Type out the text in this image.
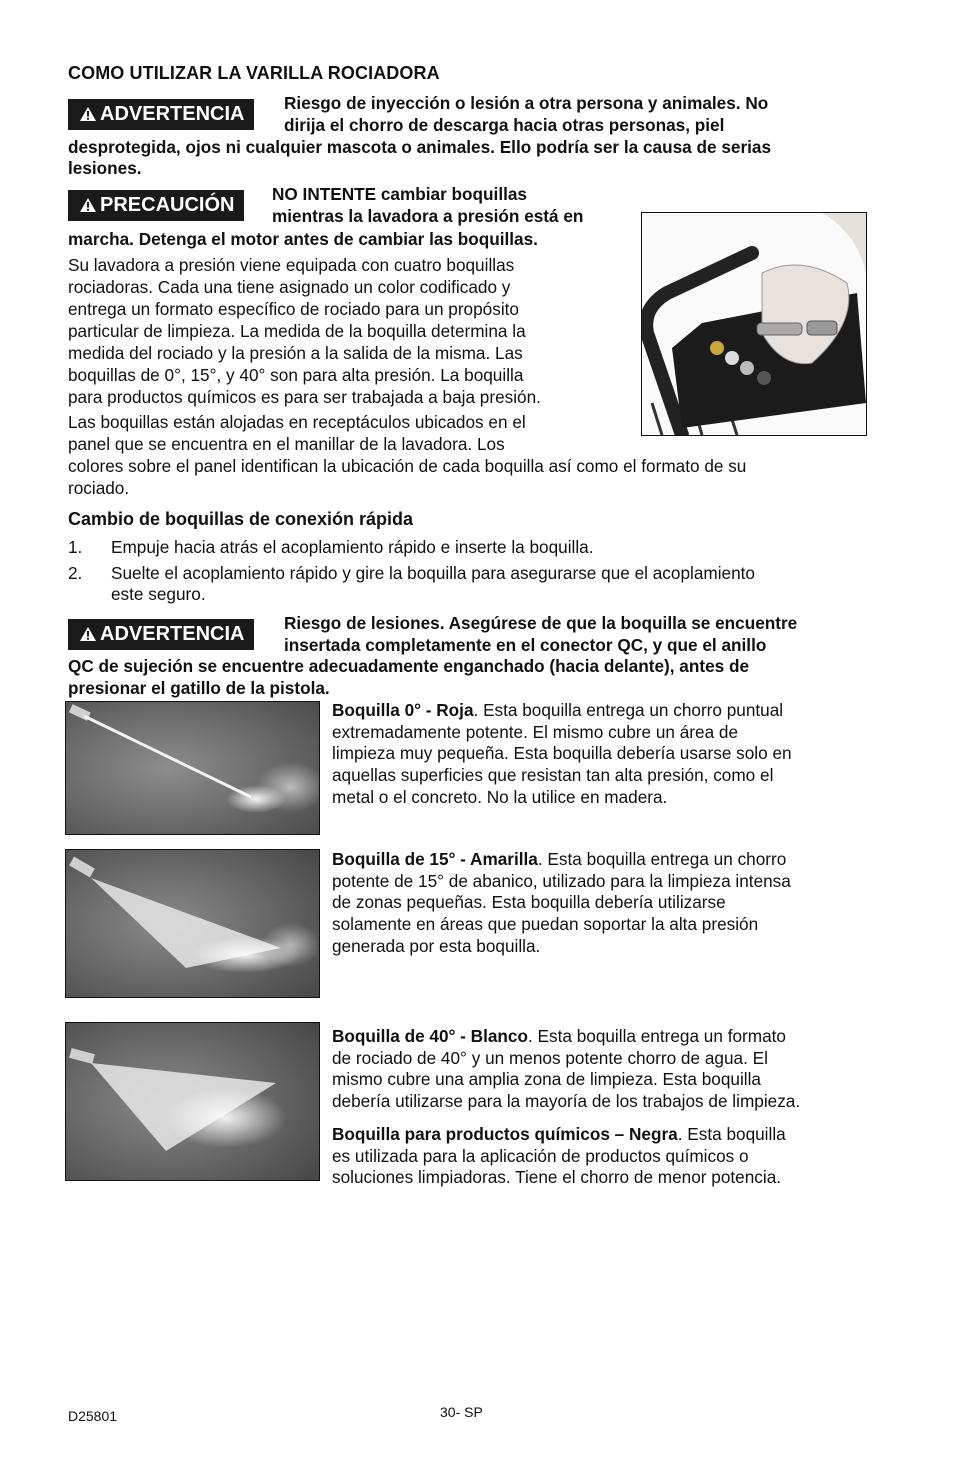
COMO UTILIZAR LA VARILLA ROCIADORA
ADVERTENCIA	Riesgo de inyección o lesión a otra persona y animales. No
dirija el chorro de descarga hacia otras personas, piel
desprotegida, ojos ni cualquier mascota o animales. Ello podría ser la causa de serias
lesiones.
PRECAUCIÓN	NO INTENTE cambiar boquillas
mientras la lavadora a presión está en
marcha. Detenga el motor antes de cambiar las boquillas.
Su lavadora a presión viene equipada con cuatro boquillas
rociadoras. Cada una tiene asignado un color codificado y
entrega un formato específico de rociado para un propósito
particular de limpieza. La medida de la boquilla determina la
medida del rociado y la presión a la salida de la misma. Las
boquillas de 0°, 15°, y 40° son para alta presión. La boquilla
para productos químicos es para ser trabajada a baja presión.
Las boquillas están alojadas en receptáculos ubicados en el
panel que se encuentra en el manillar de la lavadora. Los
colores sobre el panel identifican la ubicación de cada boquilla así como el formato de su
rociado.
Cambio de boquillas de conexión rápida
1. Empuje hacia atrás el acoplamiento rápido e inserte la boquilla.
2. Suelte el acoplamiento rápido y gire la boquilla para asegurarse que el acoplamiento
este seguro.
ADVERTENCIA	Riesgo de lesiones. Asegúrese de que la boquilla se encuentre
insertada completamente en el conector QC, y que el anillo
QC de sujeción se encuentre adecuadamente enganchado (hacia delante), antes de
presionar el gatillo de la pistola.
Boquilla 0° - Roja. Esta boquilla entrega un chorro puntual
extremadamente potente. El mismo cubre un área de
limpieza muy pequeña. Esta boquilla debería usarse solo en
aquellas superficies que resistan tan alta presión, como el
metal o el concreto. No la utilice en madera.
Boquilla de 15° - Amarilla. Esta boquilla entrega un chorro
potente de 15° de abanico, utilizado para la limpieza intensa
de zonas pequeñas. Esta boquilla debería utilizarse
solamente en áreas que puedan soportar la alta presión
generada por esta boquilla.
Boquilla de 40° - Blanco. Esta boquilla entrega un formato
de rociado de 40° y un menos potente chorro de agua. El
mismo cubre una amplia zona de limpieza. Esta boquilla
debería utilizarse para la mayoría de los trabajos de limpieza.
Boquilla para productos químicos – Negra. Esta boquilla
es utilizada para la aplicación de productos químicos o
soluciones limpiadoras. Tiene el chorro de menor potencia.
D25801	30- SP
